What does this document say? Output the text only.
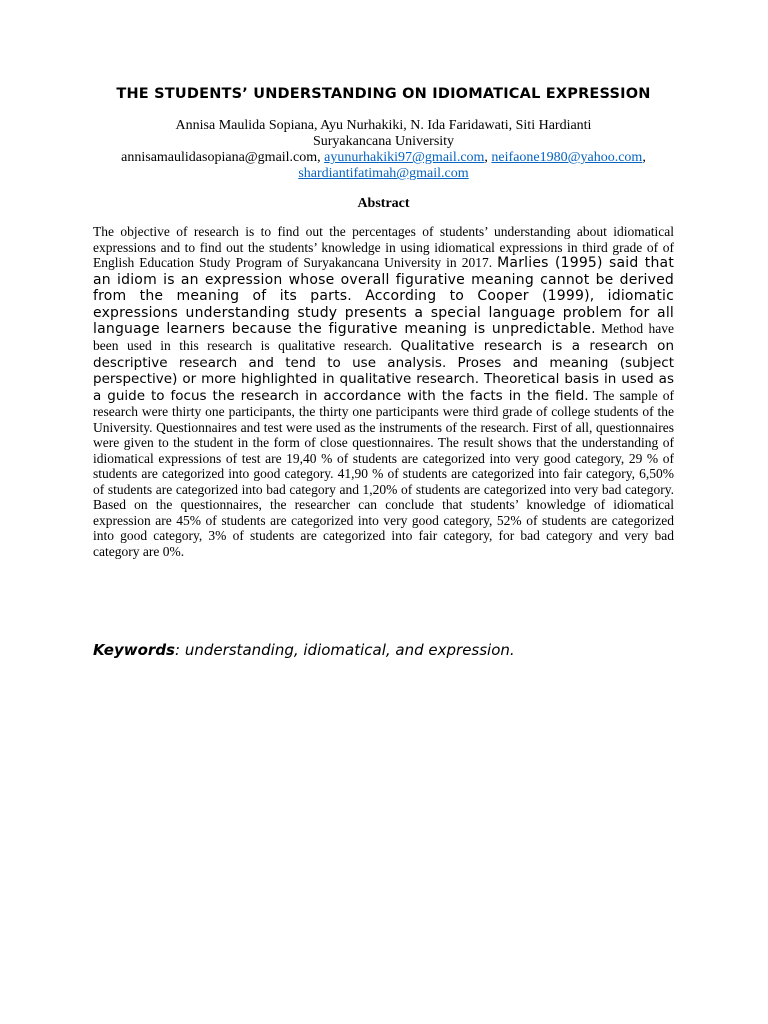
THE STUDENTS’ UNDERSTANDING ON IDIOMATICAL EXPRESSION
Annisa Maulida Sopiana, Ayu Nurhakiki, N. Ida Faridawati, Siti Hardianti
Suryakancana University
annisamaulidasopiana@gmail.com, ayunurhakiki97@gmail.com, neifaone1980@yahoo.com,
shardiantifatimah@gmail.com
Abstract

The objective of research is to find out the percentages of students’ understanding about idiomatical expressions and to find out the students’ knowledge in using idiomatical expressions in third grade of of English Education Study Program of Suryakancana University in 2017. Marlies (1995) said that an idiom is an expression whose overall figurative meaning cannot be derived from the meaning of its parts. According to Cooper (1999), idiomatic expressions understanding study presents a special language problem for all language learners because the figurative meaning is unpredictable. Method have been used in this research is qualitative research. Qualitative research is a research on descriptive research and tend to use analysis. Proses and meaning (subject perspective) or more highlighted in qualitative research. Theoretical basis in used as a guide to focus the research in accordance with the facts in the field. The sample of research were thirty one participants, the thirty one participants were third grade of college students of the University. Questionnaires and test were used as the instruments of the research. First of all, questionnaires were given to the student in the form of close questionnaires. The result shows that the understanding of idiomatical expressions of test are 19,40 % of students are categorized into very good category, 29 % of students are categorized into good category. 41,90 % of students are categorized into fair category, 6,50% of students are categorized into bad category and 1,20% of students are categorized into very bad category. Based on the questionnaires, the researcher can conclude that students’ knowledge of idiomatical expression are 45% of students are categorized into very good category, 52% of students are categorized into good category, 3% of students are categorized into fair category, for bad category and very bad category are 0%.

Keywords: understanding, idiomatical, and expression.
